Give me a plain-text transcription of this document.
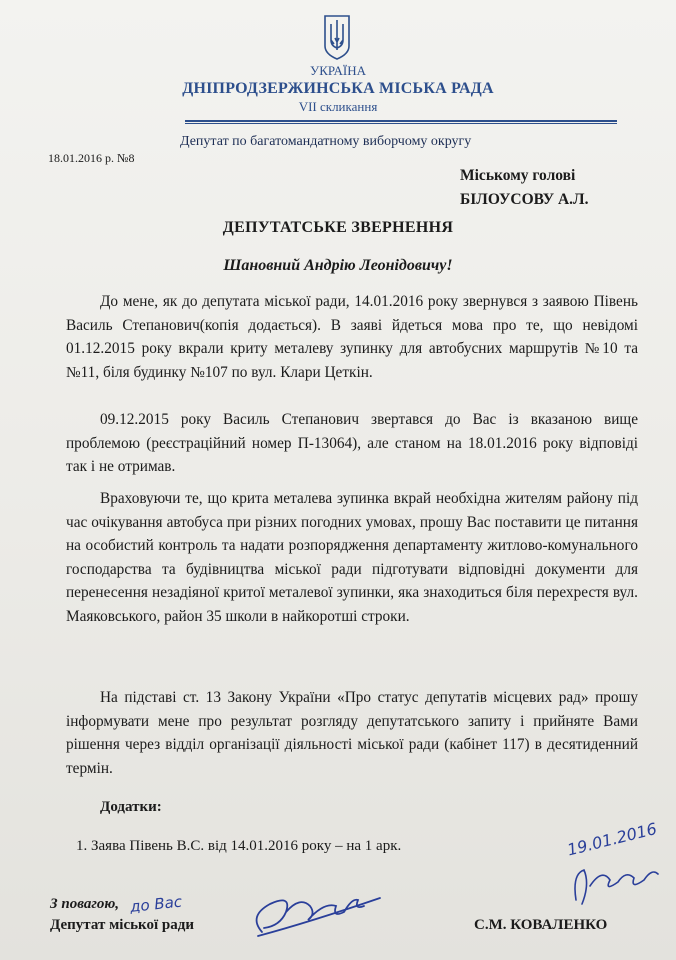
УКРАЇНА
ДНІПРОДЗЕРЖИНСЬКА МІСЬКА РАДА
VІІ скликання
Депутат по багатомандатному виборчому округу
18.01.2016 р. №8
Міському голові
БІЛОУСОВУ А.Л.
ДЕПУТАТСЬКЕ ЗВЕРНЕННЯ
Шановний Андрію Леонідовичу!

До мене, як до депутата міської ради, 14.01.2016 року звернувся з заявою Півень Василь Степанович(копія додається). В заяві йдеться мова про те, що невідомі 01.12.2015 року вкрали криту металеву зупинку для автобусних маршрутів №10 та №11, біля будинку №107 по вул. Клари Цеткін.

09.12.2015 року Василь Степанович звертався до Вас із вказаною вище проблемою (реєстраційний номер П-13064), але станом на 18.01.2016 року відповіді так і не отримав.

Враховуючи те, що крита металева зупинка вкрай необхідна жителям району під час очікування автобуса при різних погодних умовах, прошу Вас поставити це питання на особистий контроль та надати розпорядження департаменту житлово-комунального господарства та будівництва міської ради підготувати відповідні документи для перенесення незадіяної критої металевої зупинки, яка знаходиться біля перехрестя вул. Маяковського, район 35 школи в найкоротші строки.

На підставі ст. 13 Закону України «Про статус депутатів місцевих рад» прошу інформувати мене про результат розгляду депутатського запиту і прийняте Вами рішення через відділ організації діяльності міської ради (кабінет 117) в десятиденний термін.

Додатки:
1. Заява Півень В.С. від 14.01.2016 року – на 1 арк.
З повагою, до Вас
Депутат міської ради	С.М. КОВАЛЕНКО
19.01.2016
